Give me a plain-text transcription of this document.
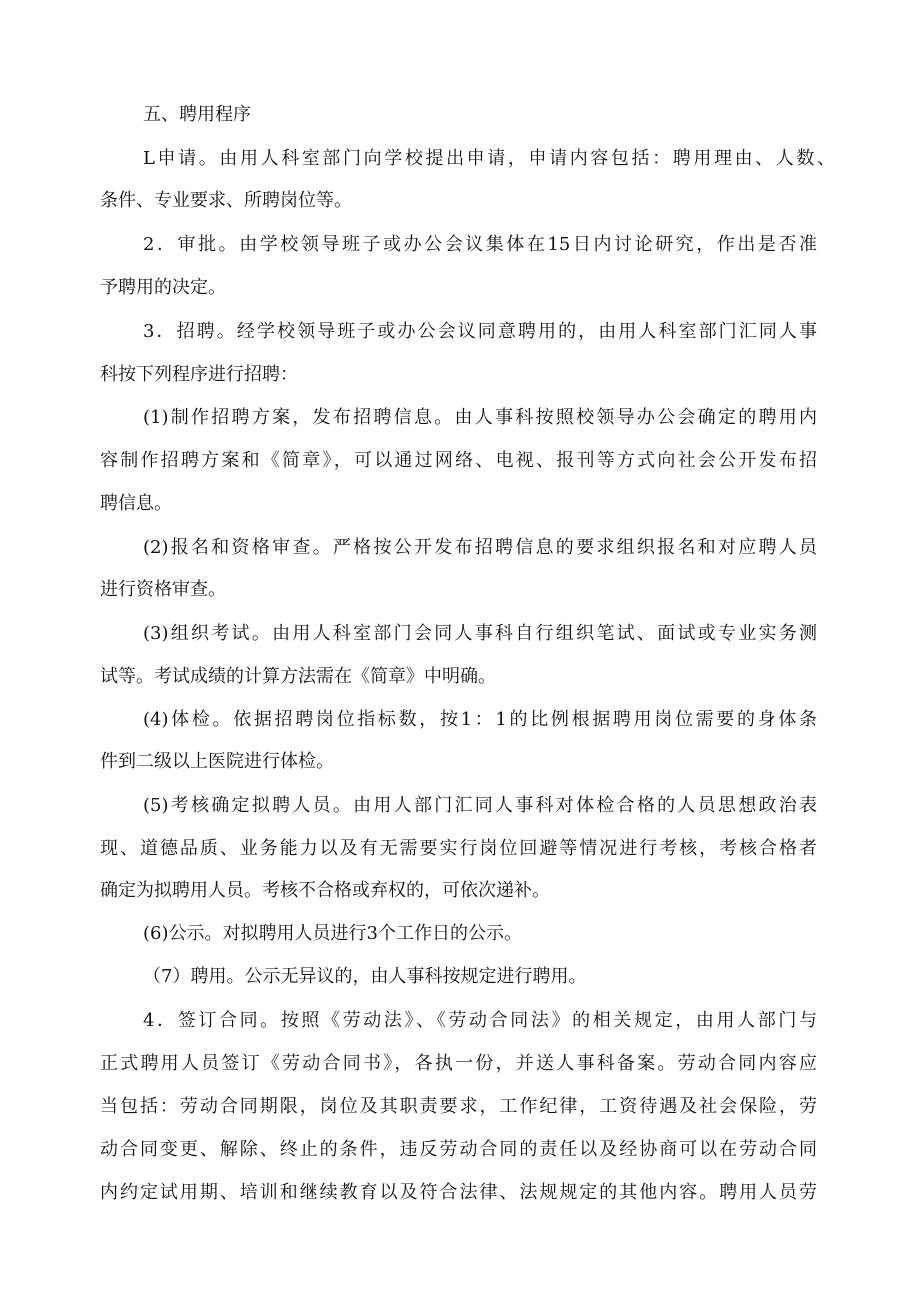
五、聘用程序
L申请。由用人科室部门向学校提出申请，申请内容包括：聘用理由、人数、
条件、专业要求、所聘岗位等。
2．审批。由学校领导班子或办公会议集体在15日内讨论研究，作出是否准
予聘用的决定。
3．招聘。经学校领导班子或办公会议同意聘用的，由用人科室部门汇同人事
科按下列程序进行招聘：
(1)制作招聘方案，发布招聘信息。由人事科按照校领导办公会确定的聘用内
容制作招聘方案和《简章》，可以通过网络、电视、报刊等方式向社会公开发布招
聘信息。
(2)报名和资格审查。严格按公开发布招聘信息的要求组织报名和对应聘人员
进行资格审查。
(3)组织考试。由用人科室部门会同人事科自行组织笔试、面试或专业实务测
试等。考试成绩的计算方法需在《简章》中明确。
(4)体检。依据招聘岗位指标数，按1：1的比例根据聘用岗位需要的身体条
件到二级以上医院进行体检。
(5)考核确定拟聘人员。由用人部门汇同人事科对体检合格的人员思想政治表
现、道德品质、业务能力以及有无需要实行岗位回避等情况进行考核，考核合格者
确定为拟聘用人员。考核不合格或弃权的，可依次递补。
(6)公示。对拟聘用人员进行3个工作日的公示。
（7）聘用。公示无异议的，由人事科按规定进行聘用。
4．签订合同。按照《劳动法》、《劳动合同法》的相关规定，由用人部门与
正式聘用人员签订《劳动合同书》，各执一份，并送人事科备案。劳动合同内容应
当包括：劳动合同期限，岗位及其职责要求，工作纪律，工资待遇及社会保险，劳
动合同变更、解除、终止的条件，违反劳动合同的责任以及经协商可以在劳动合同
内约定试用期、培训和继续教育以及符合法律、法规规定的其他内容。聘用人员劳
